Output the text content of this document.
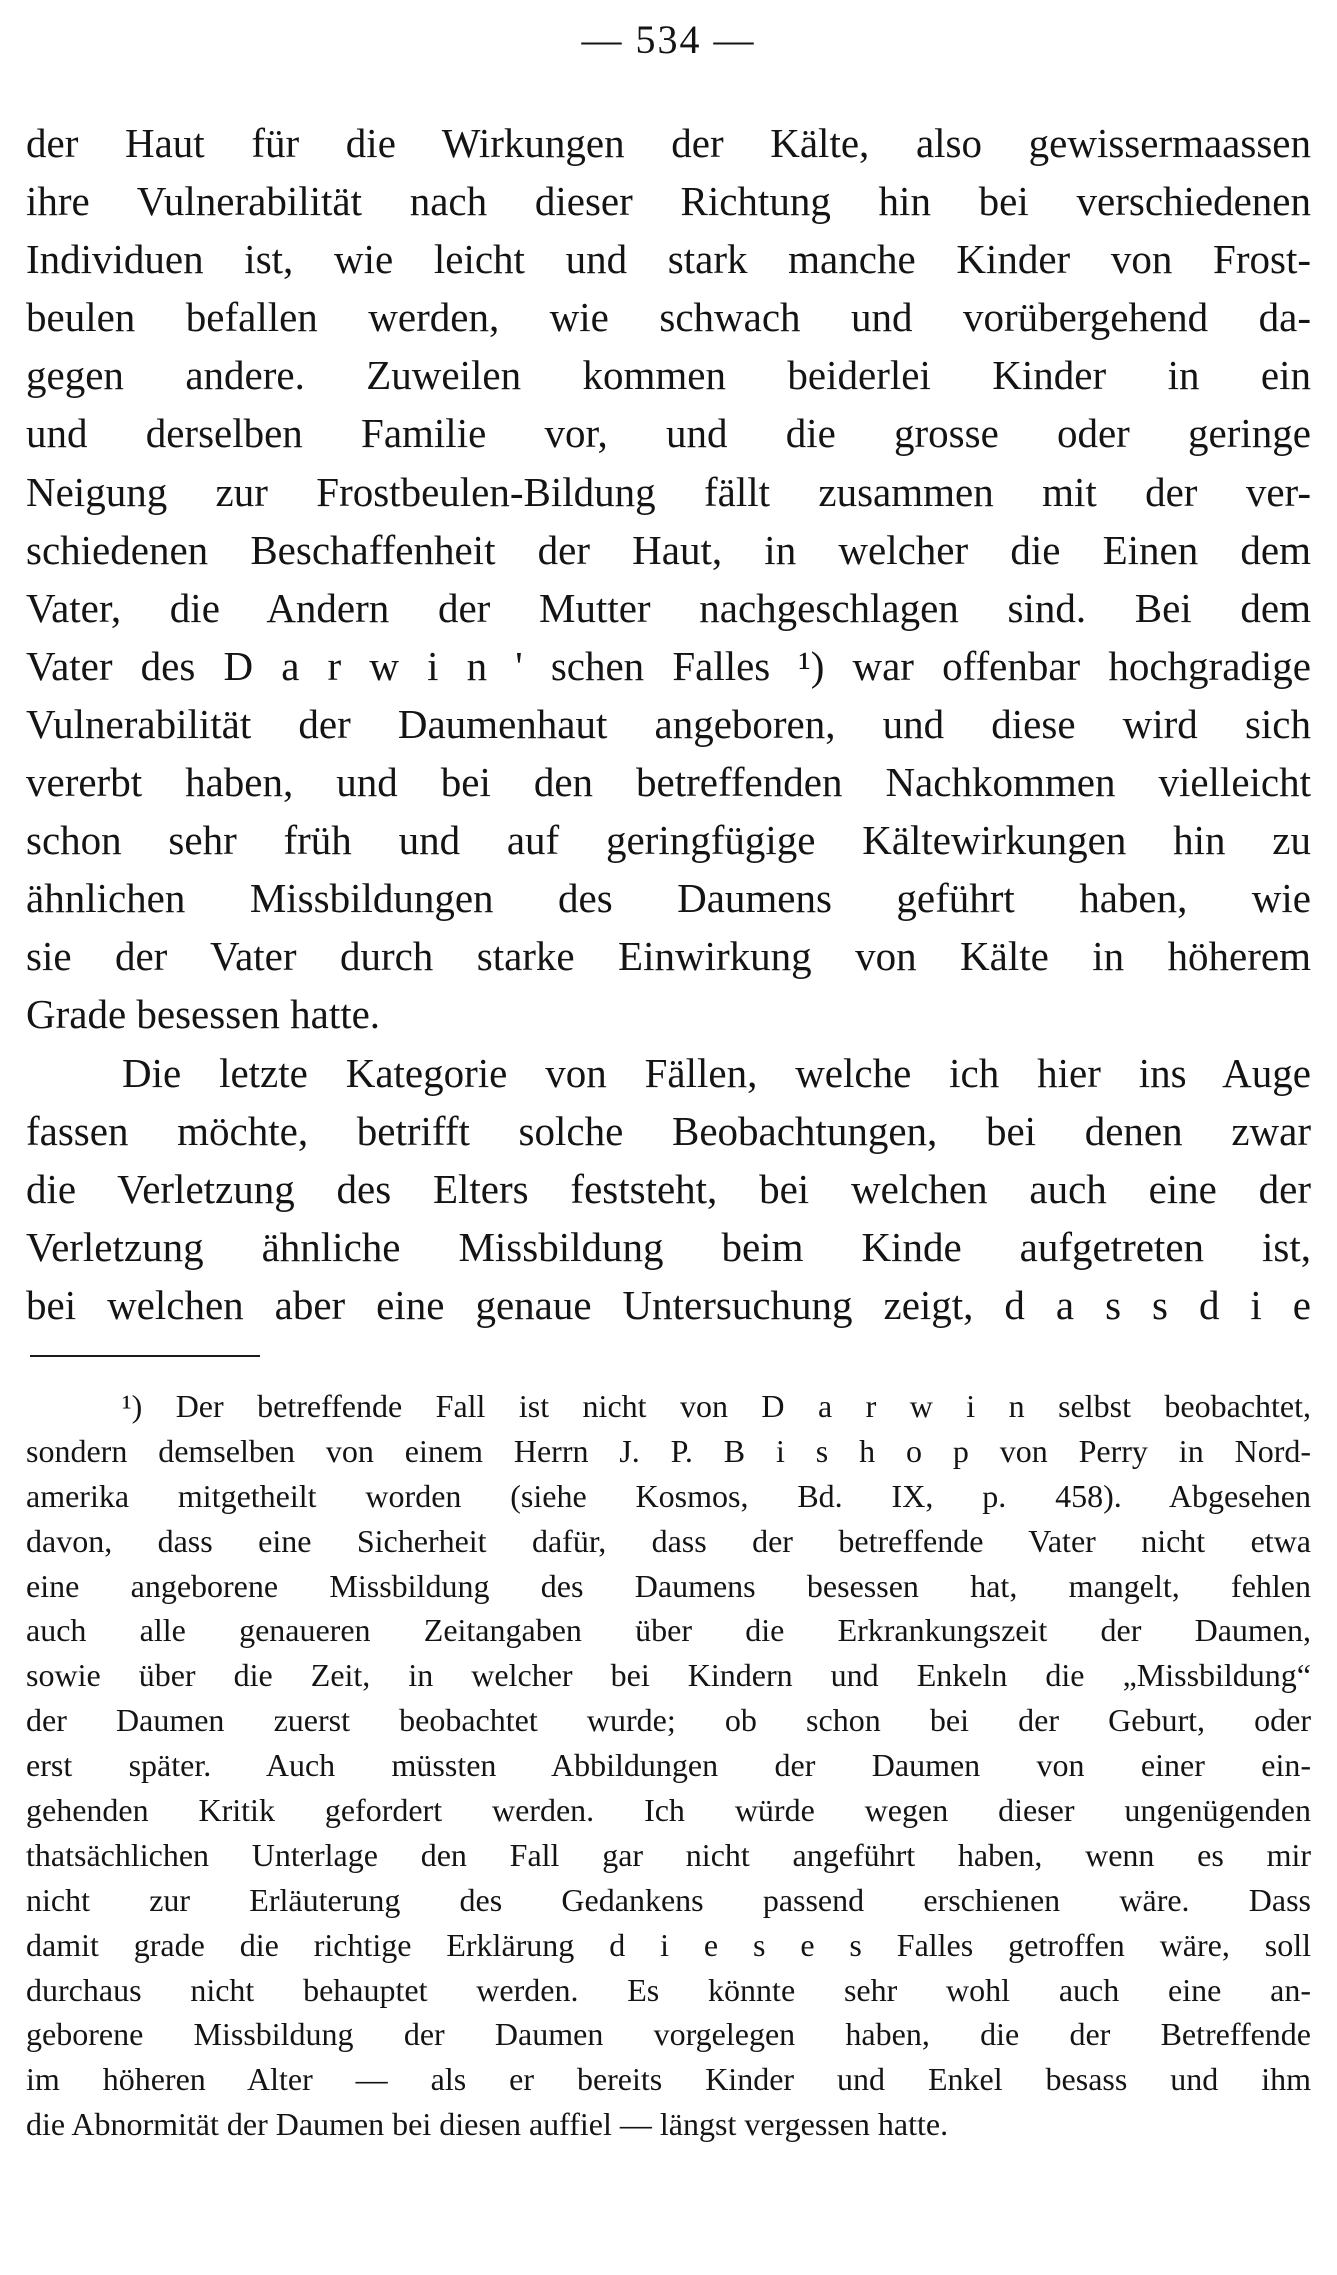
— 534 —
der Haut für die Wirkungen der Kälte, also gewissermaassen
ihre Vulnerabilität nach dieser Richtung hin bei verschiedenen
Individuen ist, wie leicht und stark manche Kinder von Frost-
beulen befallen werden, wie schwach und vorübergehend da-
gegen andere. Zuweilen kommen beiderlei Kinder in ein
und derselben Familie vor, und die grosse oder geringe
Neigung zur Frostbeulen-Bildung fällt zusammen mit der ver-
schiedenen Beschaffenheit der Haut, in welcher die Einen dem
Vater, die Andern der Mutter nachgeschlagen sind. Bei dem
Vater des D a r w i n ' schen Falles ¹) war offenbar hochgradige
Vulnerabilität der Daumenhaut angeboren, und diese wird sich
vererbt haben, und bei den betreffenden Nachkommen vielleicht
schon sehr früh und auf geringfügige Kältewirkungen hin zu
ähnlichen Missbildungen des Daumens geführt haben, wie
sie der Vater durch starke Einwirkung von Kälte in höherem
Grade besessen hatte.
Die letzte Kategorie von Fällen, welche ich hier ins Auge
fassen möchte, betrifft solche Beobachtungen, bei denen zwar
die Verletzung des Elters feststeht, bei welchen auch eine der
Verletzung ähnliche Missbildung beim Kinde aufgetreten ist,
bei welchen aber eine genaue Untersuchung zeigt, d a s s d i e
¹) Der betreffende Fall ist nicht von D a r w i n selbst beobachtet,
sondern demselben von einem Herrn J. P. B i s h o p von Perry in Nord-
amerika mitgetheilt worden (siehe Kosmos, Bd. IX, p. 458). Abgesehen
davon, dass eine Sicherheit dafür, dass der betreffende Vater nicht etwa
eine angeborene Missbildung des Daumens besessen hat, mangelt, fehlen
auch alle genaueren Zeitangaben über die Erkrankungszeit der Daumen,
sowie über die Zeit, in welcher bei Kindern und Enkeln die „Missbildung“
der Daumen zuerst beobachtet wurde; ob schon bei der Geburt, oder
erst später. Auch müssten Abbildungen der Daumen von einer ein-
gehenden Kritik gefordert werden. Ich würde wegen dieser ungenügenden
thatsächlichen Unterlage den Fall gar nicht angeführt haben, wenn es mir
nicht zur Erläuterung des Gedankens passend erschienen wäre. Dass
damit grade die richtige Erklärung d i e s e s Falles getroffen wäre, soll
durchaus nicht behauptet werden. Es könnte sehr wohl auch eine an-
geborene Missbildung der Daumen vorgelegen haben, die der Betreffende
im höheren Alter — als er bereits Kinder und Enkel besass und ihm
die Abnormität der Daumen bei diesen auffiel — längst vergessen hatte.
